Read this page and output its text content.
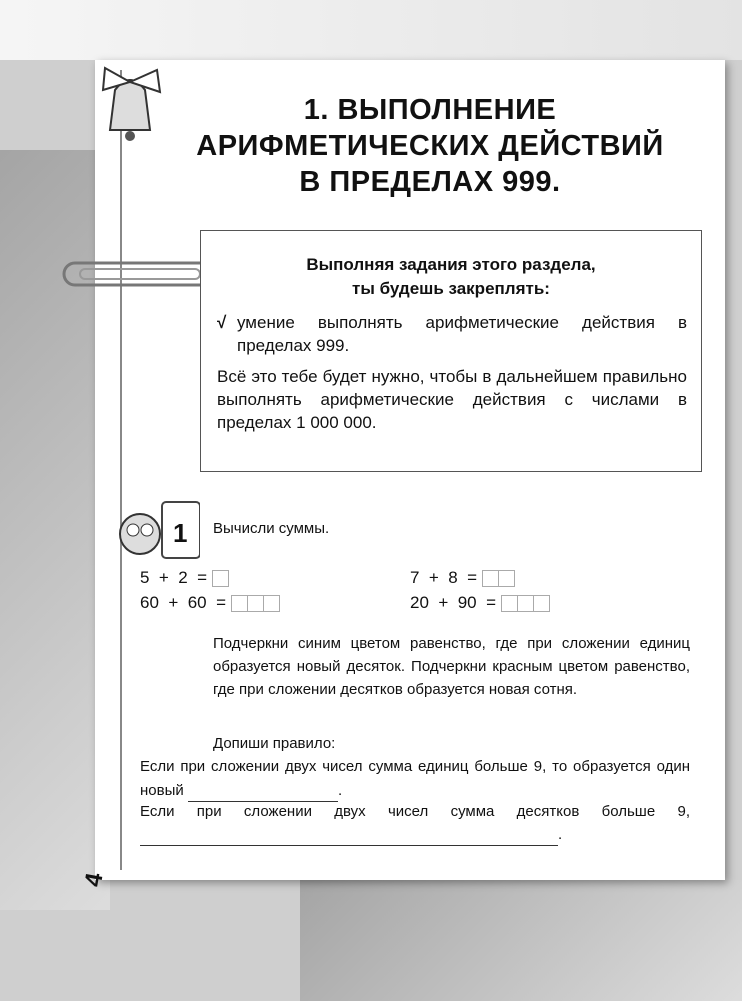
1. ВЫПОЛНЕНИЕ
АРИФМЕТИЧЕСКИХ ДЕЙСТВИЙ
В ПРЕДЕЛАХ 999.
Выполняя задания этого раздела,
ты будешь закреплять:
√ умение выполнять арифметические действия в пределах 999.
Всё это тебе будет нужно, чтобы в дальнейшем правильно выполнять арифметические действия с числами в пределах 1 000 000.
1 Вычисли суммы.
5  +  2  =	7  +  8  =
60  +  60  =	20  +  90  =
Подчеркни синим цветом равенство, где при сложении единиц образуется новый десяток. Подчеркни красным цветом равенство, где при сложении десятков образуется новая сотня.
Допиши правило:
Если при сложении двух чисел сумма единиц больше 9, то образуется один новый	.
Если при сложении двух чисел сумма десятков больше 9,
.
4
